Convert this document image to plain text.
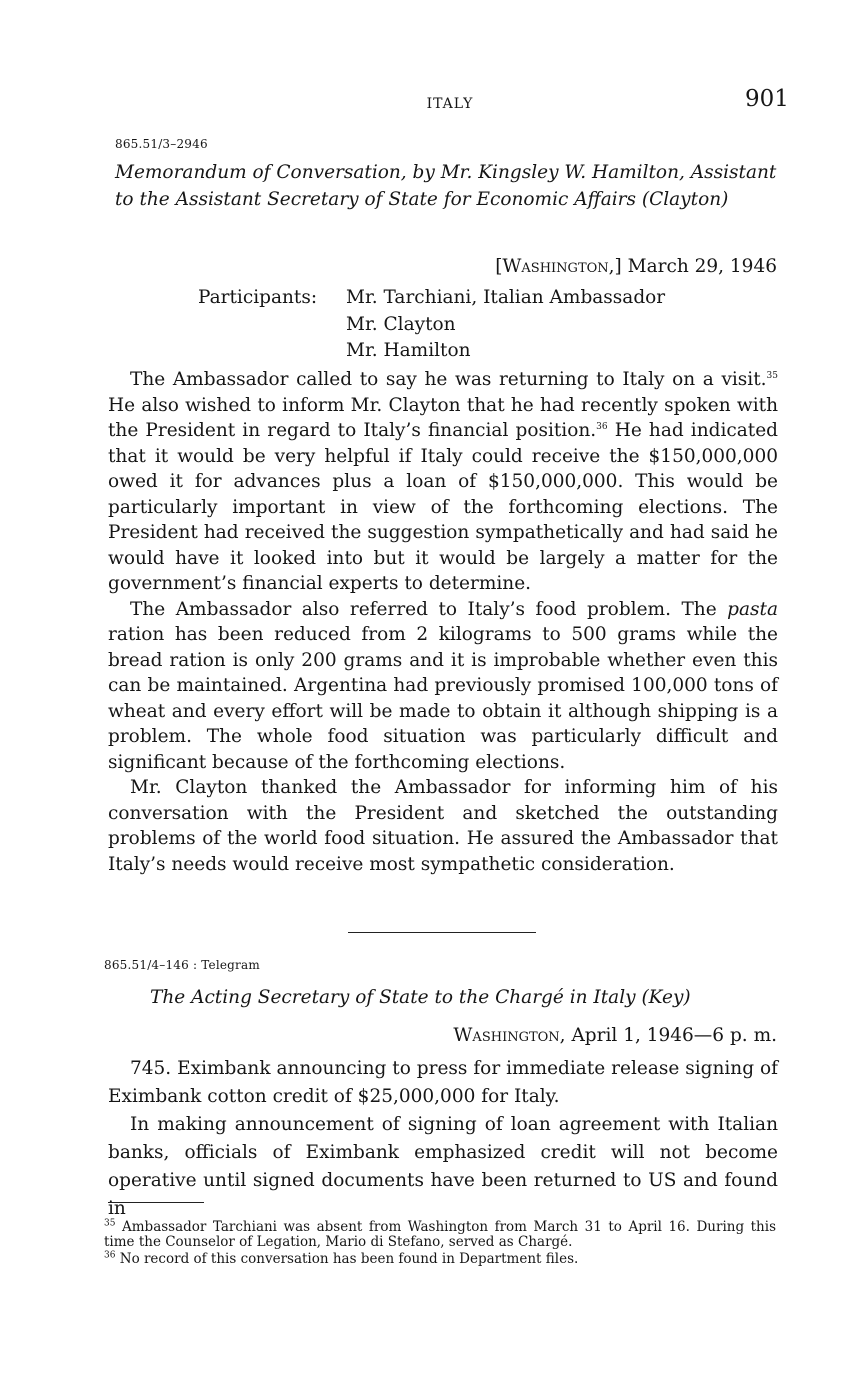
ITALY	901
865.51/3–2946
Memorandum of Conversation, by Mr. Kingsley W. Hamilton, Assistant to the Assistant Secretary of State for Economic Affairs (Clayton)
[Washington,] March 29, 1946
Participants: Mr. Tarchiani, Italian Ambassador
Mr. Clayton
Mr. Hamilton

The Ambassador called to say he was returning to Italy on a visit.$^{35}$ He also wished to inform Mr. Clayton that he had recently spoken with the President in regard to Italy’s financial position.$^{36}$ He had indicated that it would be very helpful if Italy could receive the $150,000,000 owed it for advances plus a loan of $150,000,000. This would be particularly important in view of the forthcoming elections. The President had received the suggestion sympathetically and had said he would have it looked into but it would be largely a matter for the government’s financial experts to determine.

The Ambassador also referred to Italy’s food problem. The pasta ration has been reduced from 2 kilograms to 500 grams while the bread ration is only 200 grams and it is improbable whether even this can be maintained. Argentina had previously promised 100,000 tons of wheat and every effort will be made to obtain it although shipping is a problem. The whole food situation was particularly difficult and significant because of the forthcoming elections.

Mr. Clayton thanked the Ambassador for informing him of his conversation with the President and sketched the outstanding problems of the world food situation. He assured the Ambassador that Italy’s needs would receive most sympathetic consideration.

865.51/4–146 : Telegram
The Acting Secretary of State to the Chargé in Italy (Key)
Washington, April 1, 1946—6 p. m.

745. Eximbank announcing to press for immediate release signing of Eximbank cotton credit of $25,000,000 for Italy.

In making announcement of signing of loan agreement with Italian banks, officials of Eximbank emphasized credit will not become operative until signed documents have been returned to US and found in

$^{35}$ Ambassador Tarchiani was absent from Washington from March 31 to April 16. During this time the Counselor of Legation, Mario di Stefano, served as Chargé.

$^{36}$ No record of this conversation has been found in Department files.
